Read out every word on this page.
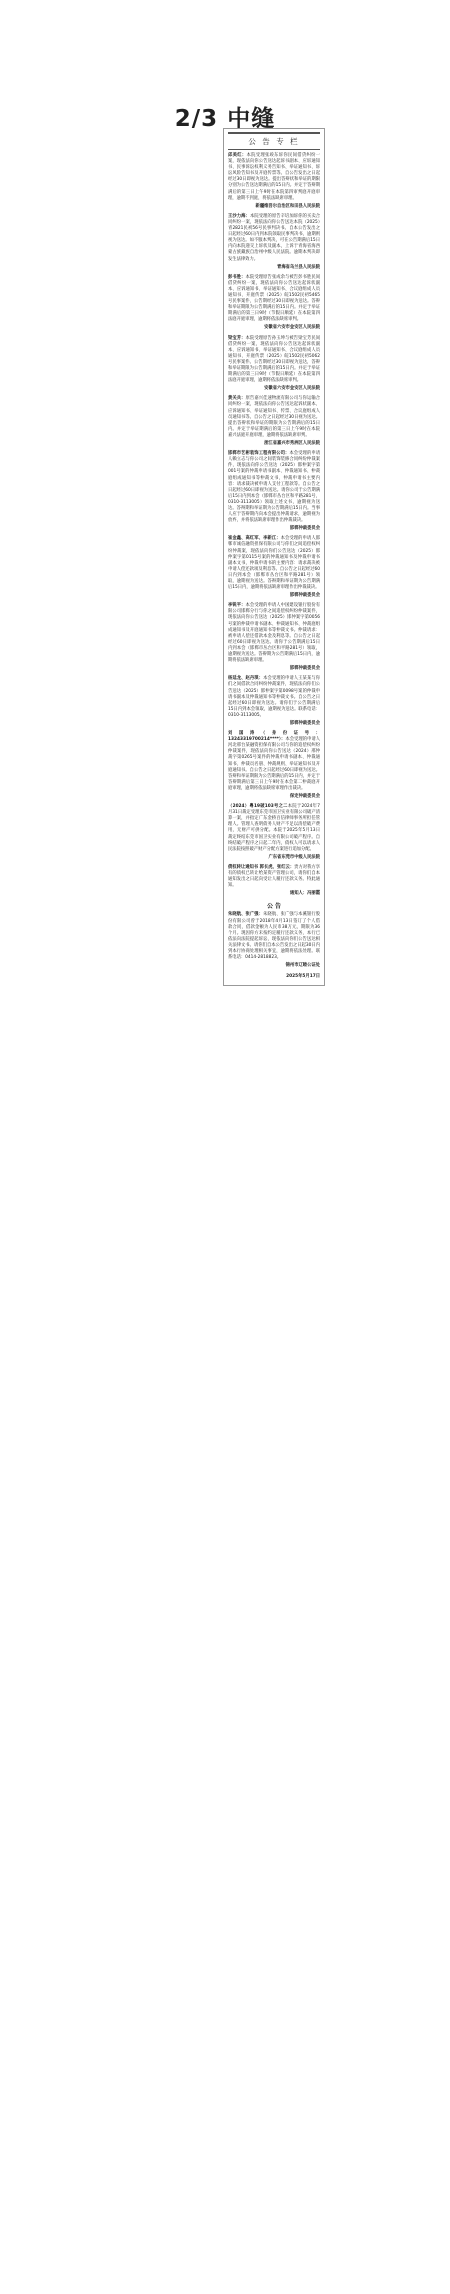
2/3 中缝
公 告 专 栏
邱美红：本院受理张竣东诉你民间借贷纠纷一案，现依法向你公告送达起诉书副本、应诉通知书、民事诉讼权利义务告知书、举证通知书、诉讼风险告知书及开庭传票等。自公告发出之日起经过30日即视为送达。提出答辩状和举证的期限分别为公告送达期满后的15日内。并定于答辩期满后的第三日上午9时在本院第四审判庭开庭审理，逾期不到庭，将依法缺席审理。
新疆维吾尔自治区和田县人民法院
王沙力海：本院受理的原告辛培加诉你的买卖合同纠纷一案，现依法向你公告送达本院（2025）青2821民初56号民事判决书。自本公告发出之日起经过60日内到本院领取民事判决书，逾期则视为送达。如不服本判决，可在公告期满后15日内向本院递交上诉状及副本，上诉于青海省海西蒙古族藏族自治州中级人民法院。逾期本判决即发生法律效力。
青海省乌兰县人民法院
彭书胜：本院受理原告张成余与被告彭书胜民间借贷纠纷一案，现依法向你公告送达起诉状副本、应诉通知书、举证通知书、合议庭组成人员通知书、开庭传票（2025）皖1502民初5465号民事案件，公告期经过30日即视为送达。答辩和举证期限为公告期满后的15日内。并定于举证期满后的第三日9时（节假日顺延）在本院第四法庭开庭审理，逾期将依法缺席审判。
安徽省六安市金安区人民法院
梁宝芳：本院受理原告孙玉坤与被告梁宝芳民间借贷纠纷一案，现依法向你公告送达起诉状副本、应诉通知书、举证通知书、合议庭组成人员通知书、开庭传票（2025）皖1502民初5062号民事案件。公告期经过30日即视为送达，答辩和举证期限为公告期满后的15日内。并定于举证期满后的第三日9时（节假日顺延）在本院第四法庭开庭审理，逾期将依法缺席审判。
安徽省六安市金安区人民法院
黄关兵：原告嘉兴佳速物流有限公司与你运输合同纠纷一案，现依法向你公告送达起诉状副本、应诉通知书、举证通知书、传票、合议庭组成人员通知书等。自公告之日起经过30日视为送达。提出答辩状和举证的期限为公告期满后的15日内。并定于举证期满后的第三日上午9时在本院嘉兴法庭开庭审理，逾期将依法缺席审判。
浙江省嘉兴市秀洲区人民法院
邯郸市艺彬装饰工程有限公司：本会受理的申请人赖立志与你公司之间装饰装修合同纠纷仲裁案件，现依法向你公告送达（2025）邯仲案字第001号案的仲裁申请书副本、仲裁通知书、仲裁庭组成通知书等仲裁文书，仲裁申请书主要内容：请求裁决被申请人支付工程款等。自公告之日起经过60日即视为送达。请你公司于公告期满后15日内到本会（邯郸市丛台区和平路281号，0310-3113005）领取上述文书，逾期视为送达。答辩期和举证期为公告期满后15日内。当事人应于答辩期内向本会提出仲裁请求，逾期视为放弃，并将依法缺席审理作出仲裁裁决。
邯郸仲裁委员会
崔金鑫、高红军、李新江：本会受理的申请人邯郸市诚信融资担保有限公司与你们之间追偿权纠纷仲裁案，现依法向你们公告送达（2025）邯仲案字第0115号案的仲裁通知书及仲裁申请书副本文书，仲裁申请书的主要内容：请求裁决被申请人偿还款项及利息等。自公告之日起经过60日内到本会（邯郸市丛台区和平路281号）领取，逾期视为送达。答辩期和举证期为公告期满后15日内，逾期将依法缺席审理作出仲裁裁决。
邯郸仲裁委员会
李锐平：本会受理的申请人中国建设银行股份有限公司邯郸分行与你之间追偿权纠纷仲裁案件，现依法向你公告送达（2025）邯仲案字第0056号案的仲裁申请书副本、仲裁通知书、仲裁庭组成通知书及开庭通知书等仲裁文书。仲裁请求：被申请人偿还借款本金及利息等。自公告之日起经过60日即视为送达。请你于公告期满后15日内到本会（邯郸市丛台区和平路281号）领取，逾期视为送达。答辩期为公告期满后15日内，逾期将依法缺席审理。
邯郸仲裁委员会
杨延龙、赵丹琪：本会受理的申请人王某某与你们之间借款合同纠纷仲裁案件，现依法向你们公告送达（2025）邯仲案字第0098号案的仲裁申请书副本及仲裁通知书等仲裁文书。自公告之日起经过60日即视为送达。请你们于公告期满后15日内到本会领取，逾期视为送达。联系电话：0310-3113005。
邯郸仲裁委员会
刘国涛（身份证号：13243319700214****）：本会受理的申请人河北邢台某融资担保有限公司与你的追偿权纠纷仲裁案件，现依法向你公告送达（2024）邢仲裁字第0265号案件的仲裁申请书副本、仲裁通知书、仲裁员名册、仲裁规则、举证通知书及开庭通知书。自公告之日起经过60日即视为送达。答辩和举证期限为公告期满后的15日内，并定于答辩期满后第三日上午9时在本会第二仲裁庭开庭审理，逾期将依法缺席审理作出裁决。
保定仲裁委员会
（2024）粤19破103号之二本院于2024年7月31日裁定受理东莞市国卫实业有限公司破产清算一案，并指定广东金桥百信律师事务所担任管理人。管理人查明债务人财产不足以清偿破产费用，无财产可供分配。本院于2025年5月13日裁定终结东莞市国卫实业有限公司破产程序。自终结破产程序之日起二年内，债权人可以请求人民法院按照破产财产分配方案进行追加分配。
广东省东莞市中级人民法院
债权转让通知书 郭长虎、张红云：贵方对我方享有的债权已转让给某资产管理公司，请你们自本通知发出之日起向受让人履行还款义务。特此通知。
通知人：冯丽霞
公 告
朱晓航、张广强：朱晓航、张广强与本溪银行股份有限公司曾于2018年4月13日签订了个人借款合同，借款金额为人民币38万元，期限为36个月。现因你方未按约定履行还款义务，本行已依法向法院提起诉讼，现依法向你们公告送达相关法律文书。请你们自本公告发出之日起30日内到本行协商处理相关事宜，逾期将依法处理。联系电话：0414-2818823。
锦州市辽睦公证处
2025年5月17日
